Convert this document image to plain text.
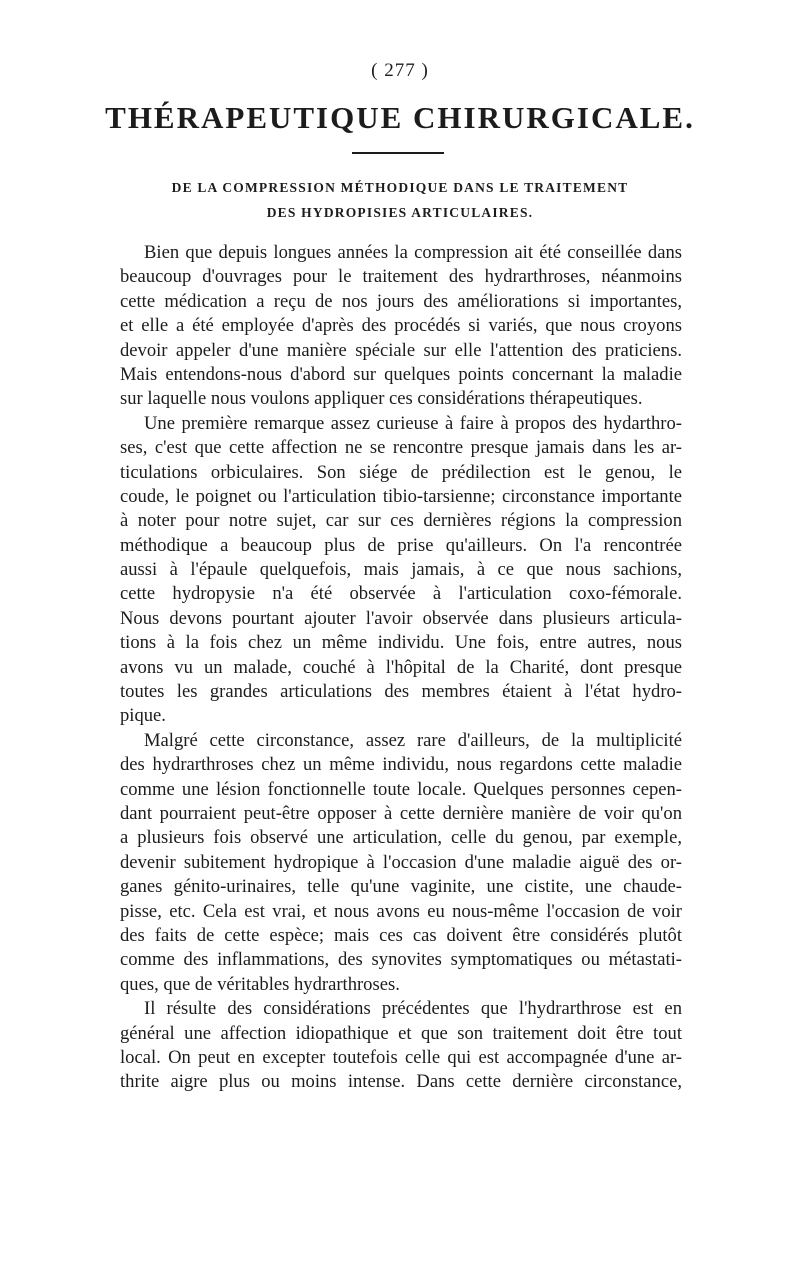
( 277 )
THÉRAPEUTIQUE CHIRURGICALE.
DE LA COMPRESSION MÉTHODIQUE DANS LE TRAITEMENT
DES HYDROPISIES ARTICULAIRES.
Bien que depuis longues années la compression ait été conseillée dans
beaucoup d'ouvrages pour le traitement des hydrarthroses, néanmoins
cette médication a reçu de nos jours des améliorations si importantes,
et elle a été employée d'après des procédés si variés, que nous croyons
devoir appeler d'une manière spéciale sur elle l'attention des praticiens.
Mais entendons-nous d'abord sur quelques points concernant la maladie
sur laquelle nous voulons appliquer ces considérations thérapeutiques.
Une première remarque assez curieuse à faire à propos des hydarthro-
ses, c'est que cette affection ne se rencontre presque jamais dans les ar-
ticulations orbiculaires. Son siége de prédilection est le genou, le
coude, le poignet ou l'articulation tibio-tarsienne; circonstance importante
à noter pour notre sujet, car sur ces dernières régions la compression
méthodique a beaucoup plus de prise qu'ailleurs. On l'a rencontrée
aussi à l'épaule quelquefois, mais jamais, à ce que nous sachions,
cette hydropysie n'a été observée à l'articulation coxo-fémorale.
Nous devons pourtant ajouter l'avoir observée dans plusieurs articula-
tions à la fois chez un même individu. Une fois, entre autres, nous
avons vu un malade, couché à l'hôpital de la Charité, dont presque
toutes les grandes articulations des membres étaient à l'état hydro-
pique.
Malgré cette circonstance, assez rare d'ailleurs, de la multiplicité
des hydrarthroses chez un même individu, nous regardons cette maladie
comme une lésion fonctionnelle toute locale. Quelques personnes cepen-
dant pourraient peut-être opposer à cette dernière manière de voir qu'on
a plusieurs fois observé une articulation, celle du genou, par exemple,
devenir subitement hydropique à l'occasion d'une maladie aiguë des or-
ganes génito-urinaires, telle qu'une vaginite, une cistite, une chaude-
pisse, etc. Cela est vrai, et nous avons eu nous-même l'occasion de voir
des faits de cette espèce; mais ces cas doivent être considérés plutôt
comme des inflammations, des synovites symptomatiques ou métastati-
ques, que de véritables hydrarthroses.
Il résulte des considérations précédentes que l'hydrarthrose est en
général une affection idiopathique et que son traitement doit être tout
local. On peut en excepter toutefois celle qui est accompagnée d'une ar-
thrite aigre plus ou moins intense. Dans cette dernière circonstance,
